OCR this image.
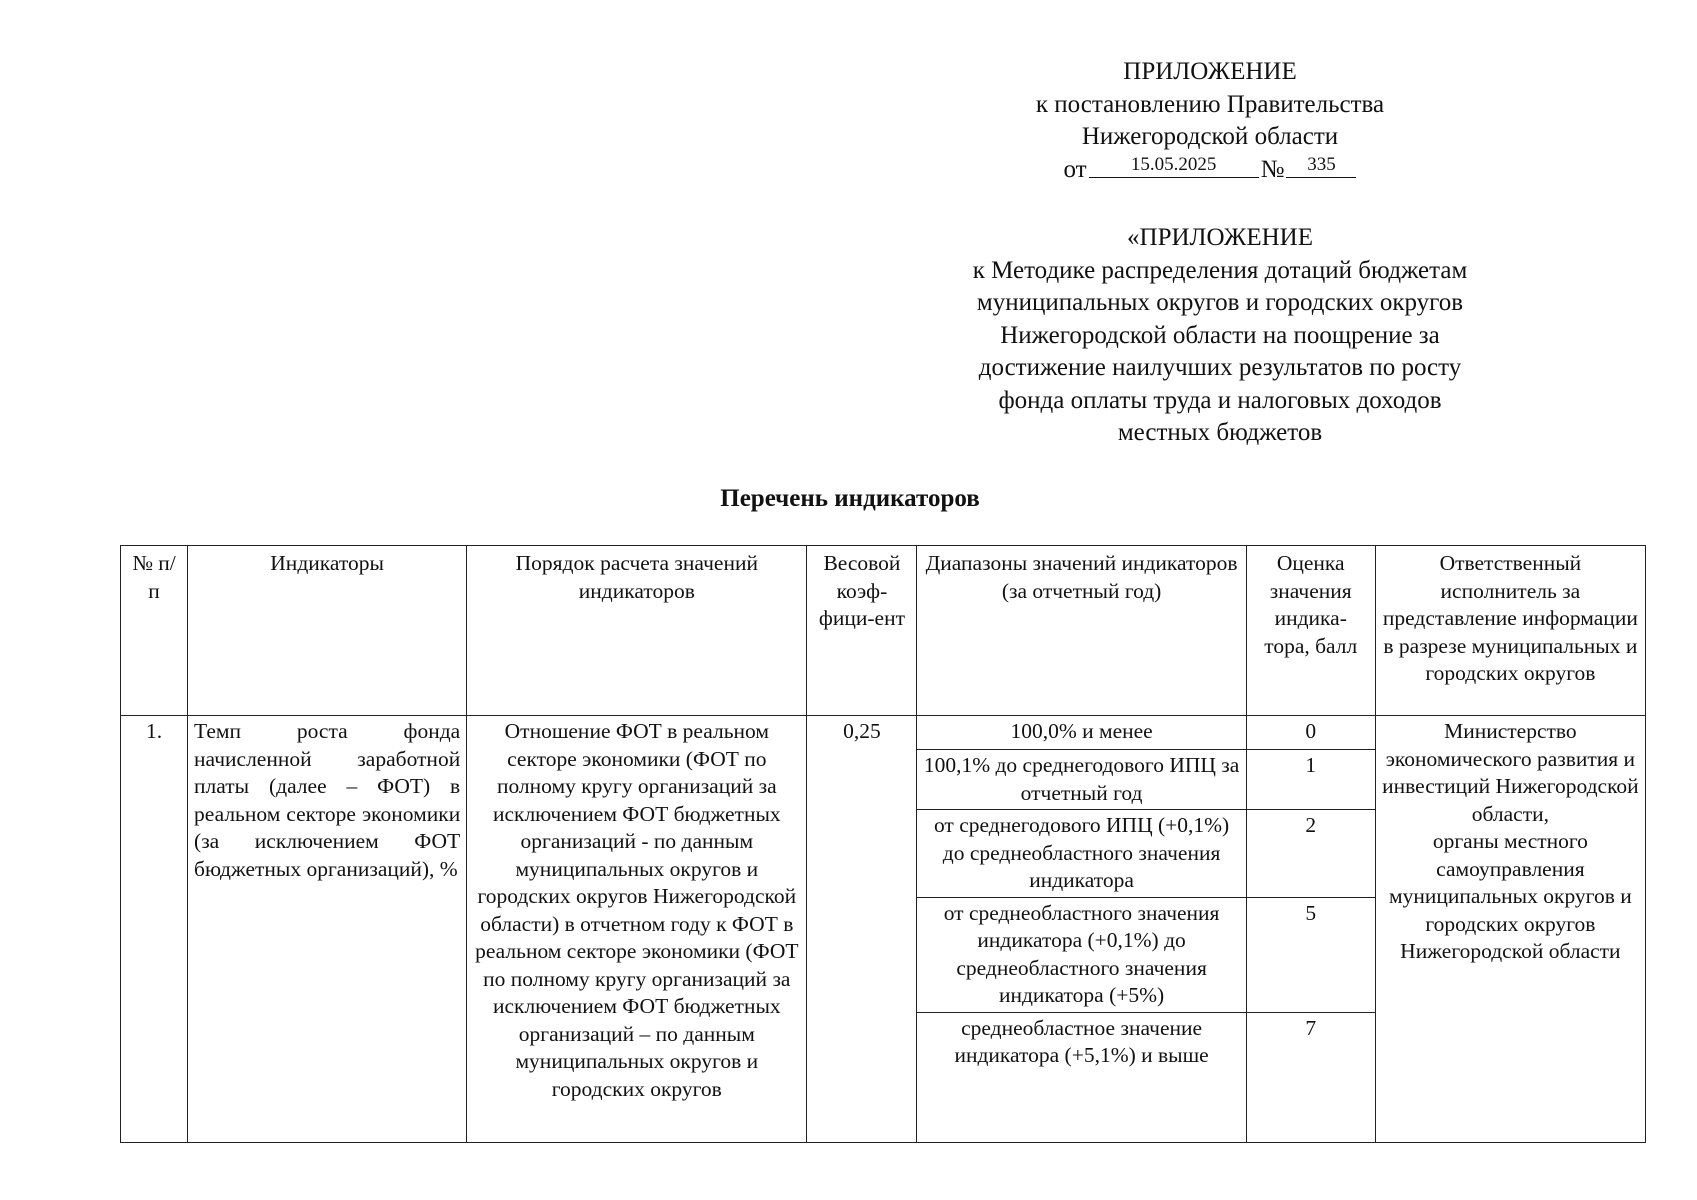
ПРИЛОЖЕНИЕ
к постановлению Правительства
Нижегородской области
от	15.05.2025	№	335
«ПРИЛОЖЕНИЕ
к Методике распределения дотаций бюджетам
муниципальных округов и городских округов
Нижегородской области на поощрение за
достижение наилучших результатов по росту
фонда оплаты труда и налоговых доходов
местных бюджетов
Перечень индикаторов
№ п/п	Индикаторы	Порядок расчета значений индикаторов	Весовой коэф-фици-ент	Диапазоны значений индикаторов (за отчетный год)	Оценка значения индика-тора, балл	Ответственный исполнитель за представление информации в разрезе муниципальных и городских округов
1.	Темп роста фонда начисленной заработной платы (далее – ФОТ) в реальном секторе экономики (за исключением ФОТ бюджетных организаций), %	Отношение ФОТ в реальном секторе экономики (ФОТ по полному кругу организаций за исключением ФОТ бюджетных организаций - по данным муниципальных округов и городских округов Нижегородской области) в отчетном году к ФОТ в реальном секторе экономики (ФОТ по полному кругу организаций за исключением ФОТ бюджетных организаций – по данным муниципальных округов и городских округов	0,25	100,0% и менее	0	Министерство экономического развития и инвестиций Нижегородской области,
органы местного самоуправления муниципальных округов и городских округов Нижегородской области

				100,1% до среднегодового ИПЦ за отчетный год	1	
				от среднегодового ИПЦ (+0,1%) до среднеобластного значения индикатора	2	
				от среднеобластного значения индикатора (+0,1%) до среднеобластного значения индикатора (+5%)	5	
				среднеобластное значение индикатора (+5,1%) и выше	7	
